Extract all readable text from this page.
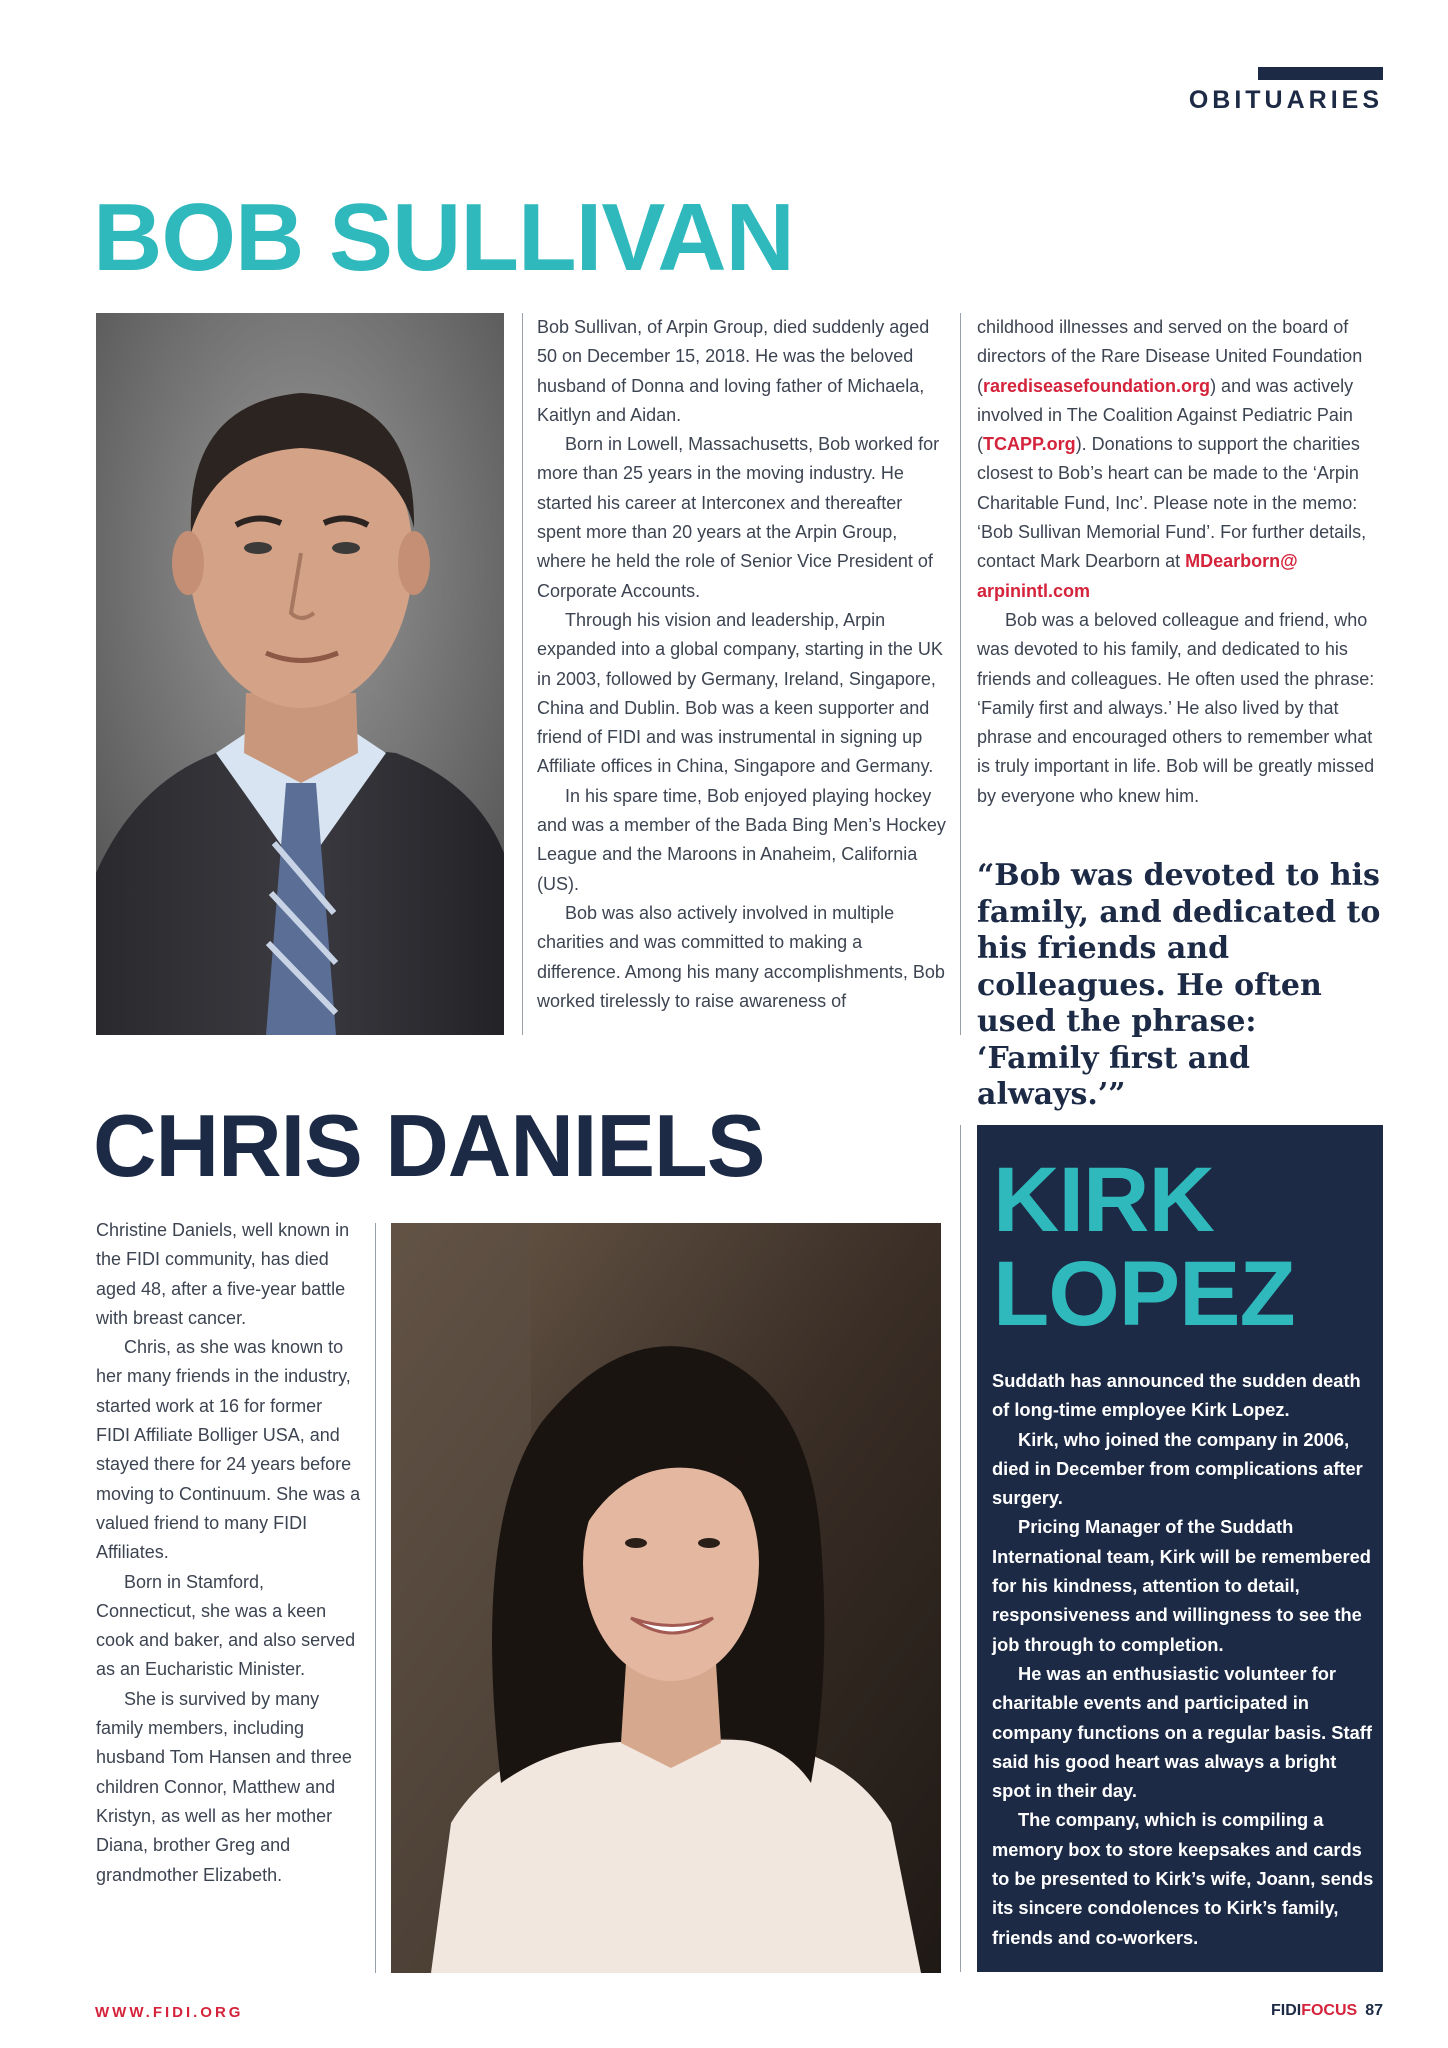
OBITUARIES
BOB SULLIVAN

Bob Sullivan, of Arpin Group, died suddenly aged 50 on December 15, 2018. He was the beloved husband of Donna and loving father of Michaela, Kaitlyn and Aidan.

Born in Lowell, Massachusetts, Bob worked for more than 25 years in the moving industry. He started his career at Interconex and thereafter spent more than 20 years at the Arpin Group, where he held the role of Senior Vice President of Corporate Accounts.

Through his vision and leadership, Arpin expanded into a global company, starting in the UK in 2003, followed by Germany, Ireland, Singapore, China and Dublin. Bob was a keen supporter and friend of FIDI and was instrumental in signing up Affiliate offices in China, Singapore and Germany.

In his spare time, Bob enjoyed playing hockey and was a member of the Bada Bing Men’s Hockey League and the Maroons in Anaheim, California (US).

Bob was also actively involved in multiple charities and was committed to making a difference. Among his many accomplishments, Bob worked tirelessly to raise awareness of

childhood illnesses and served on the board of directors of the Rare Disease United Foundation (rarediseasefoundation.org) and was actively involved in The Coalition Against Pediatric Pain (TCAPP.org). Donations to support the charities closest to Bob’s heart can be made to the ‘Arpin Charitable Fund, Inc’. Please note in the memo: ‘Bob Sullivan Memorial Fund’. For further details, contact Mark Dearborn at MDearborn@ arpinintl.com

Bob was a beloved colleague and friend, who was devoted to his family, and dedicated to his friends and colleagues. He often used the phrase: ‘Family first and always.’ He also lived by that phrase and encouraged others to remember what is truly important in life. Bob will be greatly missed by everyone who knew him.

“Bob was devoted to his family, and dedicated to his friends and colleagues. He often used the phrase: ‘Family first and always.’”
CHRIS DANIELS

Christine Daniels, well known in the FIDI community, has died aged 48, after a five-year battle with breast cancer.

Chris, as she was known to her many friends in the industry, started work at 16 for former FIDI Affiliate Bolliger USA, and stayed there for 24 years before moving to Continuum. She was a valued friend to many FIDI Affiliates.

Born in Stamford, Connecticut, she was a keen cook and baker, and also served as an Eucharistic Minister.

She is survived by many family members, including husband Tom Hansen and three children Connor, Matthew and Kristyn, as well as her mother Diana, brother Greg and grandmother Elizabeth.

KIRK
LOPEZ

Suddath has announced the sudden death of long-time employee Kirk Lopez.

Kirk, who joined the company in 2006, died in December from complications after surgery.

Pricing Manager of the Suddath International team, Kirk will be remembered for his kindness, attention to detail, responsiveness and willingness to see the job through to completion.

He was an enthusiastic volunteer for charitable events and participated in company functions on a regular basis. Staff said his good heart was always a bright spot in their day.

The company, which is compiling a memory box to store keepsakes and cards to be presented to Kirk’s wife, Joann, sends its sincere condolences to Kirk’s family, friends and co-workers.

WWW.FIDI.ORG	FIDIFOCUS 87
